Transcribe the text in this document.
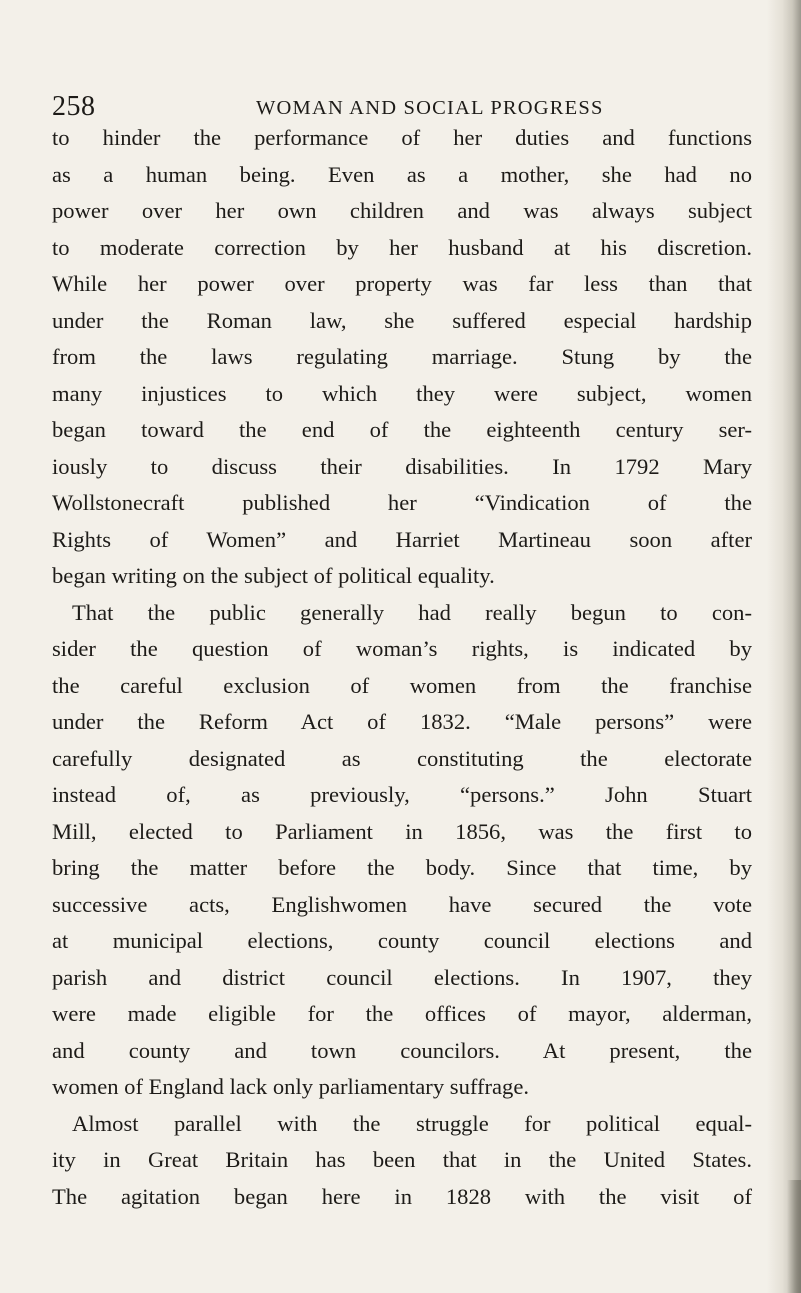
258	WOMAN AND SOCIAL PROGRESS
to hinder the performance of her duties and functions
as a human being. Even as a mother, she had no
power over her own children and was always subject
to moderate correction by her husband at his discretion.
While her power over property was far less than that
under the Roman law, she suffered especial hardship
from the laws regulating marriage. Stung by the
many injustices to which they were subject, women
began toward the end of the eighteenth century ser-
iously to discuss their disabilities. In 1792 Mary
Wollstonecraft published her “Vindication of the
Rights of Women” and Harriet Martineau soon after
began writing on the subject of political equality.
That the public generally had really begun to con-
sider the question of woman’s rights, is indicated by
the careful exclusion of women from the franchise
under the Reform Act of 1832. “Male persons” were
carefully designated as constituting the electorate
instead of, as previously, “persons.” John Stuart
Mill, elected to Parliament in 1856, was the first to
bring the matter before the body. Since that time, by
successive acts, Englishwomen have secured the vote
at municipal elections, county council elections and
parish and district council elections. In 1907, they
were made eligible for the offices of mayor, alderman,
and county and town councilors. At present, the
women of England lack only parliamentary suffrage.
Almost parallel with the struggle for political equal-
ity in Great Britain has been that in the United States.
The agitation began here in 1828 with the visit of
